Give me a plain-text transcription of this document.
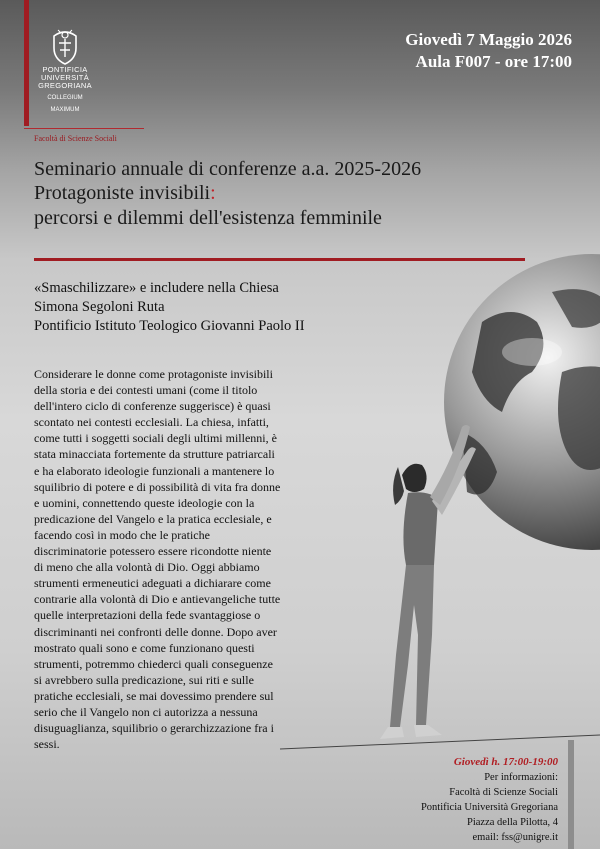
PONTIFICIA
UNIVERSITÀ
GREGORIANA
COLLEGIUM
MAXIMUM
Facoltà di Scienze Sociali
Giovedì 7 Maggio 2026
Aula F007 - ore 17:00
Seminario annuale di conferenze a.a. 2025-2026
Protagoniste invisibili:
percorsi e dilemmi dell'esistenza femminile
«Smaschilizzare» e includere nella Chiesa
Simona Segoloni Ruta
Pontificio Istituto Teologico Giovanni Paolo II

Considerare le donne come protagoniste invisibili

della storia e dei contesti umani (come il titolo

dell'intero ciclo di conferenze suggerisce) è quasi

scontato nei contesti ecclesiali. La chiesa, infatti,

come tutti i soggetti sociali degli ultimi millenni, è

stata minacciata fortemente da strutture patriarcali

e ha elaborato ideologie funzionali a mantenere lo

squilibrio di potere e di possibilità di vita fra donne

e uomini, connettendo queste ideologie con la

predicazione del Vangelo e la pratica ecclesiale, e

facendo così in modo che le pratiche

discriminatorie potessero essere ricondotte niente

di meno che alla volontà di Dio. Oggi abbiamo

strumenti ermeneutici adeguati a dichiarare come

contrarie alla volontà di Dio e antievangeliche tutte

quelle interpretazioni della fede svantaggiose o

discriminanti nei confronti delle donne. Dopo aver

mostrato quali sono e come funzionano questi

strumenti, potremmo chiederci quali conseguenze

si avrebbero sulla predicazione, sui riti e sulle

pratiche ecclesiali, se mai dovessimo prendere sul

serio che il Vangelo non ci autorizza a nessuna

disuguaglianza, squilibrio o gerarchizzazione fra i

sessi.

Giovedì h. 17:00-19:00
Per informazioni:
Facoltà di Scienze Sociali
Pontificia Università Gregoriana
Piazza della Pilotta, 4
email: fss@unigre.it
